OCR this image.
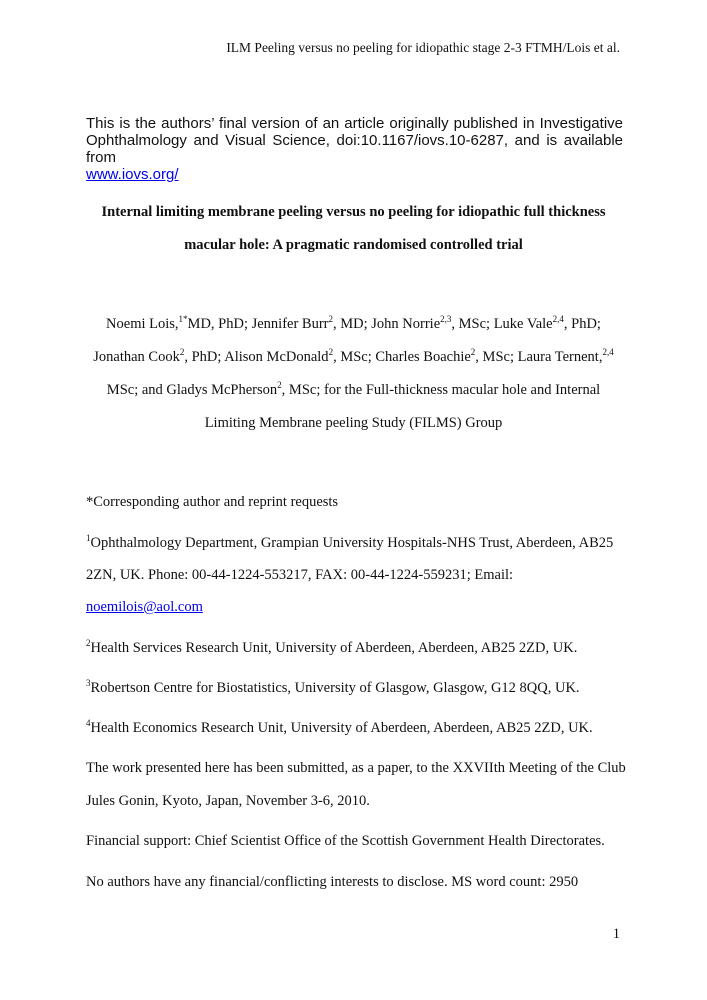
ILM Peeling versus no peeling for idiopathic stage 2-3 FTMH/Lois et al.
This is the authors’ final version of an article originally published in Investigative
Ophthalmology and Visual Science, doi:10.1167/iovs.10-6287, and is available from
www.iovs.org/
Internal limiting membrane peeling versus no peeling for idiopathic full thickness
macular hole: A pragmatic randomised controlled trial
Noemi Lois,$^{1*}$MD, PhD; Jennifer Burr$^2$, MD; John Norrie$^{2,3}$, MSc; Luke Vale$^{2,4}$, PhD;
Jonathan Cook$^2$, PhD; Alison McDonald$^2$, MSc; Charles Boachie$^2$, MSc; Laura Ternent,$^{2,4}$
MSc; and Gladys McPherson$^2$, MSc; for the Full-thickness macular hole and Internal
Limiting Membrane peeling Study (FILMS) Group
*Corresponding author and reprint requests
$^1$Ophthalmology Department, Grampian University Hospitals-NHS Trust, Aberdeen, AB25
2ZN, UK. Phone: 00-44-1224-553217, FAX: 00-44-1224-559231; Email:
noemilois@aol.com
$^2$Health Services Research Unit, University of Aberdeen, Aberdeen, AB25 2ZD, UK.
$^3$Robertson Centre for Biostatistics, University of Glasgow, Glasgow, G12 8QQ, UK.
$^4$Health Economics Research Unit, University of Aberdeen, Aberdeen, AB25 2ZD, UK.
The work presented here has been submitted, as a paper, to the XXVIIth Meeting of the Club
Jules Gonin, Kyoto, Japan, November 3-6, 2010.
Financial support: Chief Scientist Office of the Scottish Government Health Directorates.
No authors have any financial/conflicting interests to disclose. MS word count: 2950
1
